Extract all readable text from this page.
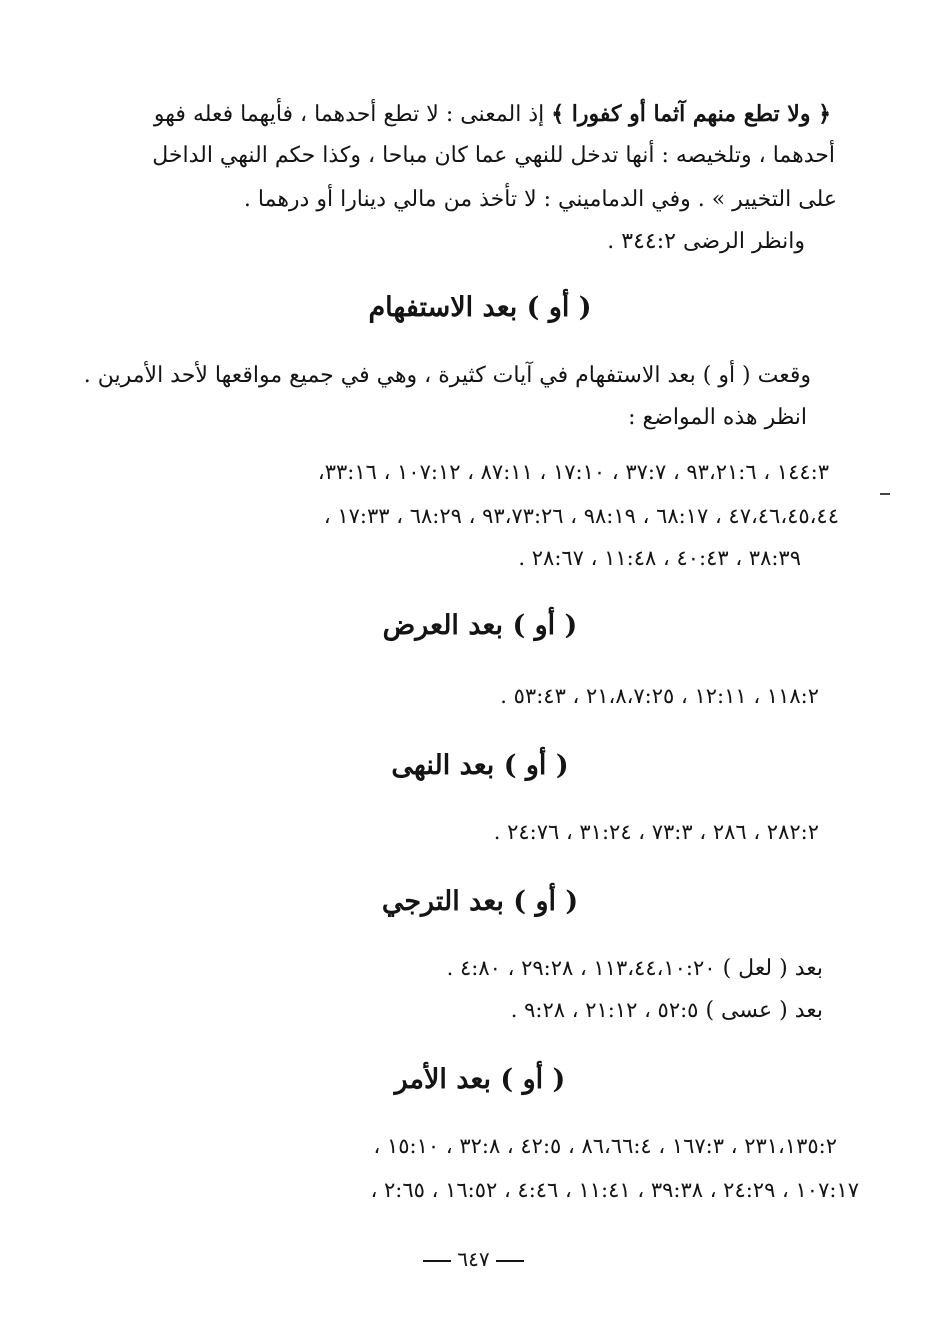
﴿ ولا تطع منهم آثما أو كفورا ﴾ إذ المعنى : لا تطع أحدهما ، فأيهما فعله فهو
أحدهما ، وتلخيصه : أنها تدخل للنهي عما كان مباحا ، وكذا حكم النهي الداخل
على التخيير » . وفي الدماميني : لا تأخذ من مالي دينارا أو درهما .
وانظر الرضى ٣٤٤:٢ .
( أو ) بعد الاستفهام
وقعت ( أو ) بعد الاستفهام في آيات كثيرة ، وهي في جميع مواقعها لأحد الأمرين .
انظر هذه المواضع :
١٤٤:٣ ، ٩٣،٢١:٦ ، ٣٧:٧ ، ١٧:١٠ ، ٨٧:١١ ، ١٠٧:١٢ ، ٣٣:١٦،
٤٧،٤٦،٤٥،٤٤ ، ٦٨:١٧ ، ٩٨:١٩ ، ٩٣،٧٣:٢٦ ، ٦٨:٢٩ ، ١٧:٣٣ ،
٣٨:٣٩ ، ٤٠:٤٣ ، ١١:٤٨ ، ٢٨:٦٧ .
( أو ) بعد العرض
١١٨:٢ ، ١٢:١١ ، ٢١،٨،٧:٢٥ ، ٥٣:٤٣ .
( أو ) بعد النهى
٢٨٢:٢ ، ٢٨٦ ، ٧٣:٣ ، ٣١:٢٤ ، ٢٤:٧٦ .
( أو ) بعد الترجي
بعد ( لعل ) ١١٣،٤٤،١٠:٢٠ ، ٢٩:٢٨ ، ٤:٨٠ .
بعد ( عسى ) ٥٢:٥ ، ٢١:١٢ ، ٩:٢٨ .
( أو ) بعد الأمر
٢٣١،١٣٥:٢ ، ١٦٧:٣ ، ٨٦،٦٦:٤ ، ٤٢:٥ ، ٣٢:٨ ، ١٥:١٠ ،
١٠٧:١٧ ، ٢٤:٢٩ ، ٣٩:٣٨ ، ١١:٤١ ، ٤:٤٦ ، ١٦:٥٢ ، ٢:٦٥ ،
٦٤٧
